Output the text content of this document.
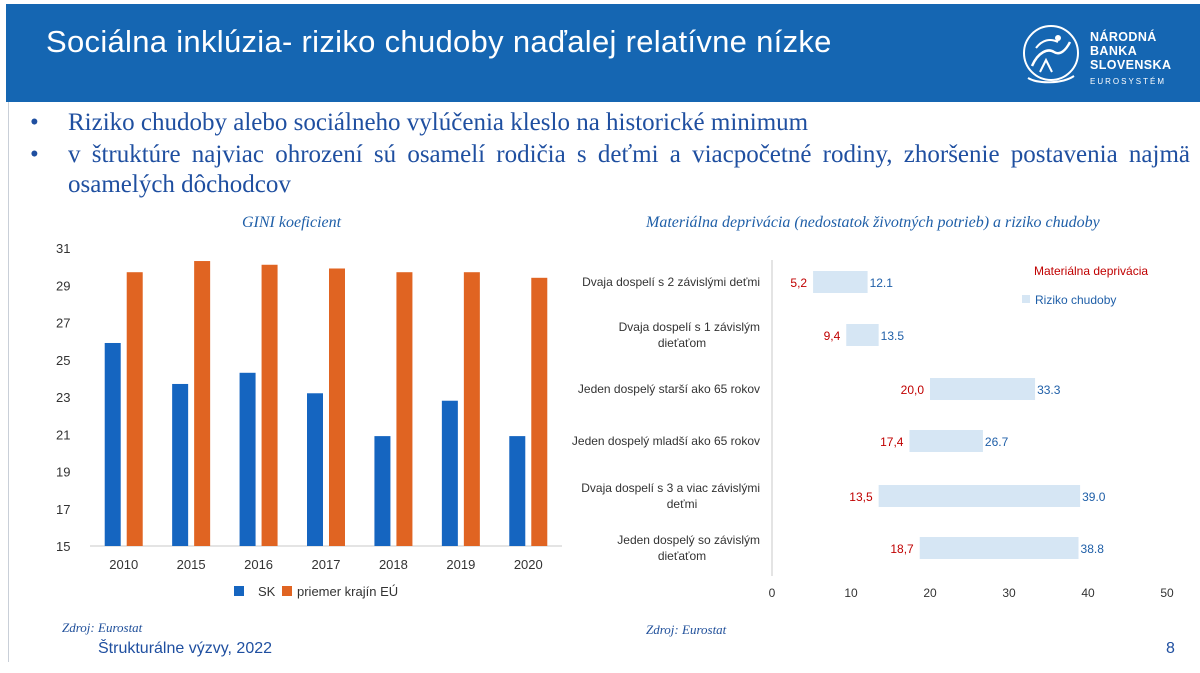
Sociálna inklúzia- riziko chudoby naďalej relatívne nízke	NÁRODNÁ
BANKA
SLOVENSKA
EUROSYSTÉM
• Riziko chudoby alebo sociálneho vylúčenia kleslo na historické minimum
• v štruktúre najviac ohrození sú osamelí rodičia s deťmi a viacpočetné rodiny, zhoršenie postavenia najmä osamelých dôchodcov
GINI koeficient	Materiálna deprivácia (nedostatok životných potrieb) a riziko chudoby
15
17
19
21
23
25
27
29
31
2010	2015	2016	2017	2018	2019	2020
SK priemer krajín EÚ
Dvaja dospelí s 2 závislými deťmi	5,2	12.1
Dvaja dospelí s 1 závislým
dieťaťom	9,4	13.5
Jeden dospelý starší ako 65 rokov	20,0	33.3
Jeden dospelý mladší ako 65 rokov	17,4	26.7
Dvaja dospelí s 3 a viac závislými
deťmi	13,5	39.0
Jeden dospelý so závislým
dieťaťom	18,7	38.8
0	10	20	30	40	50
Materiálna deprivácia
Riziko chudoby
Zdroj: Eurostat	Zdroj: Eurostat
Štrukturálne výzvy, 2022	8
